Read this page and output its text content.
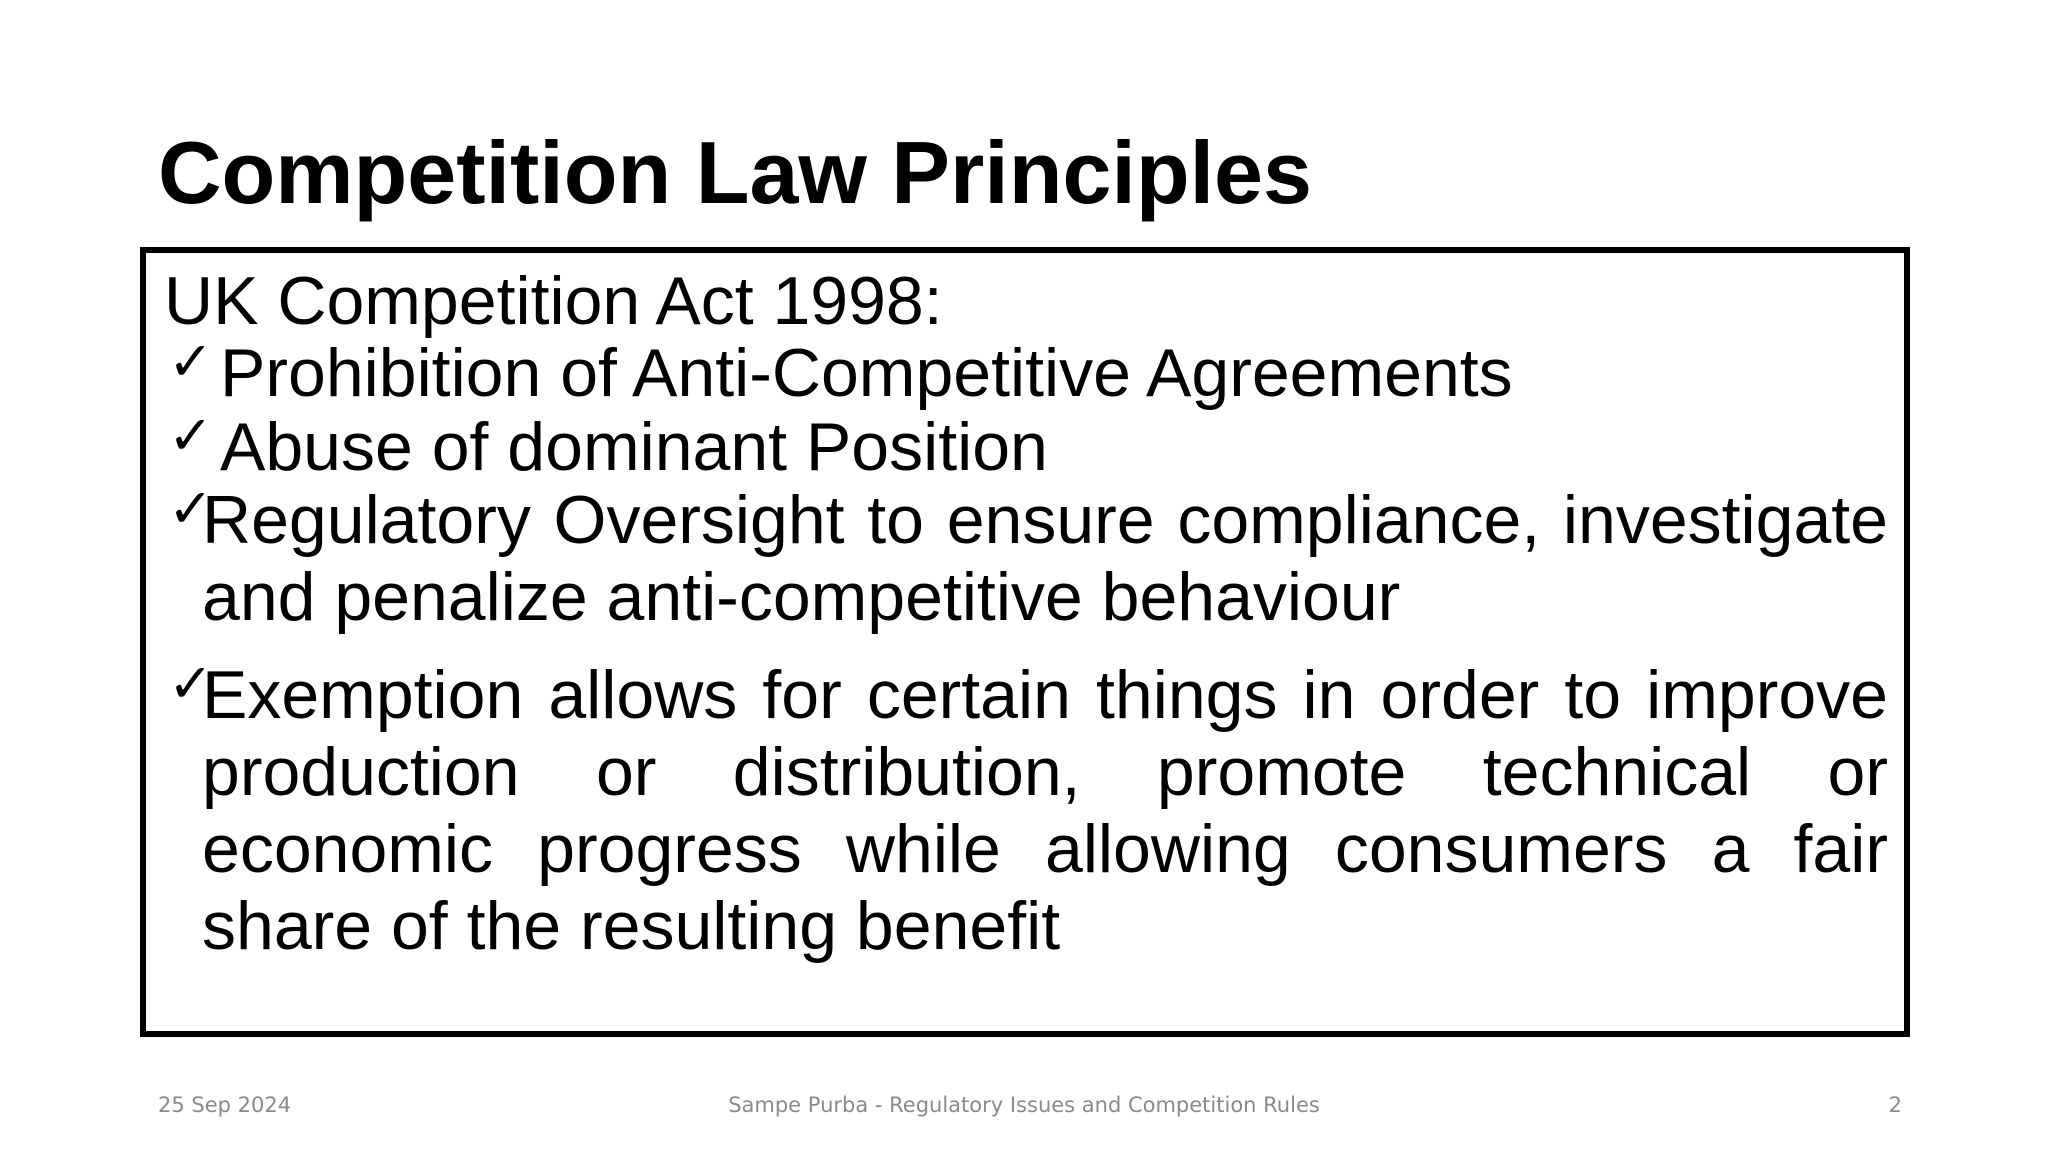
Competition Law Principles
UK Competition Act 1998:
✓ Prohibition of Anti-Competitive Agreements
✓ Abuse of dominant Position
✓
Regulatory Oversight to ensure compliance, investigate and penalize anti-competitive behaviour
✓
Exemption allows for certain things in order to improve production or distribution, promote technical or economic progress while allowing consumers a fair share of the resulting benefit
25 Sep 2024	Sampe Purba - Regulatory Issues and Competition Rules	2
